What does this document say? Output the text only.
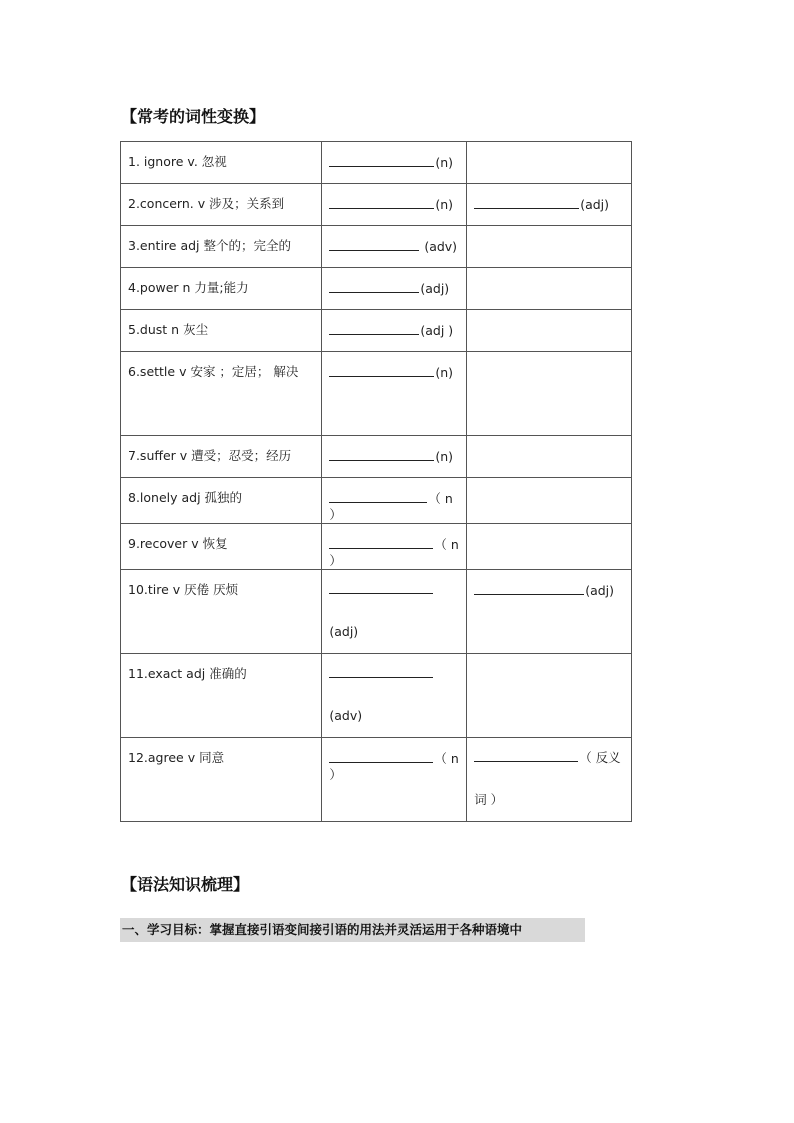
【常考的词性变换】
1. ignore v. 忽视	(n)	
2.concern. v 涉及；关系到	(n)	(adj)
3.entire adj 整个的；完全的	(adv)	
4.power n 力量;能力	(adj)	
5.dust n 灰尘	(adj )	

6.settle v 安家 ；定居； 解决	(n)	
7.suffer v 遭受；忍受；经历	(n)	
8.lonely adj 孤独的	（ n ）	
9.recover v 恢复	（ n ）	
10.tire v 厌倦 厌烦	(adj)	(adj)
11.exact adj 准确的	(adv)	

12.agree v 同意	（ n ）	（ 反义词 ）
【语法知识梳理】
一、学习目标：掌握直接引语变间接引语的用法并灵活运用于各种语境中
